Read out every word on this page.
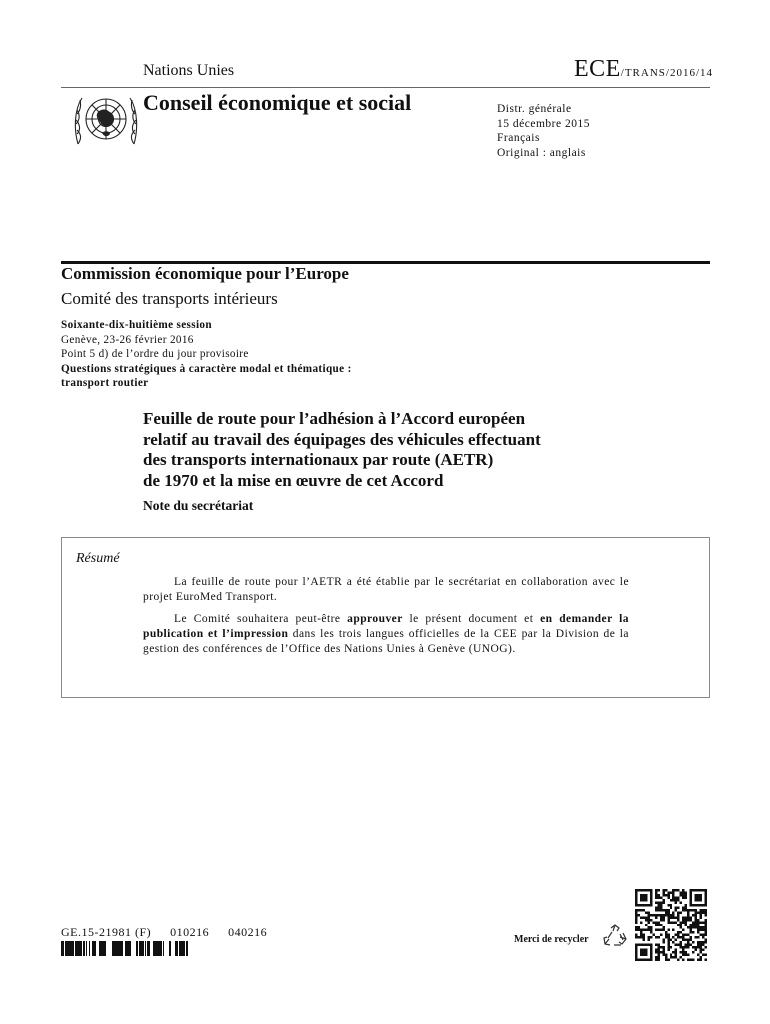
Nations Unies	ECE/TRANS/2016/14
Conseil économique et social	Distr. générale
15 décembre 2015
Français
Original : anglais
Commission économique pour l’Europe
Comité des transports intérieurs
Soixante-dix-huitième session
Genève, 23-26 février 2016
Point 5 d) de l’ordre du jour provisoire
Questions stratégiques à caractère modal et thématique :
transport routier
Feuille de route pour l’adhésion à l’Accord européen
relatif au travail des équipages des véhicules effectuant
des transports internationaux par route (AETR)
de 1970 et la mise en œuvre de cet Accord
Note du secrétariat
Résumé

La feuille de route pour l’AETR a été établie par le secrétariat en collaboration avec le projet EuroMed Transport.

Le Comité souhaitera peut-être approuver le présent document et en demander la publication et l’impression dans les trois langues officielles de la CEE par la Division de la gestion des conférences de l’Office des Nations Unies à Genève (UNOG).

GE.15-21981 (F) 010216 040216
Merci de recycler
